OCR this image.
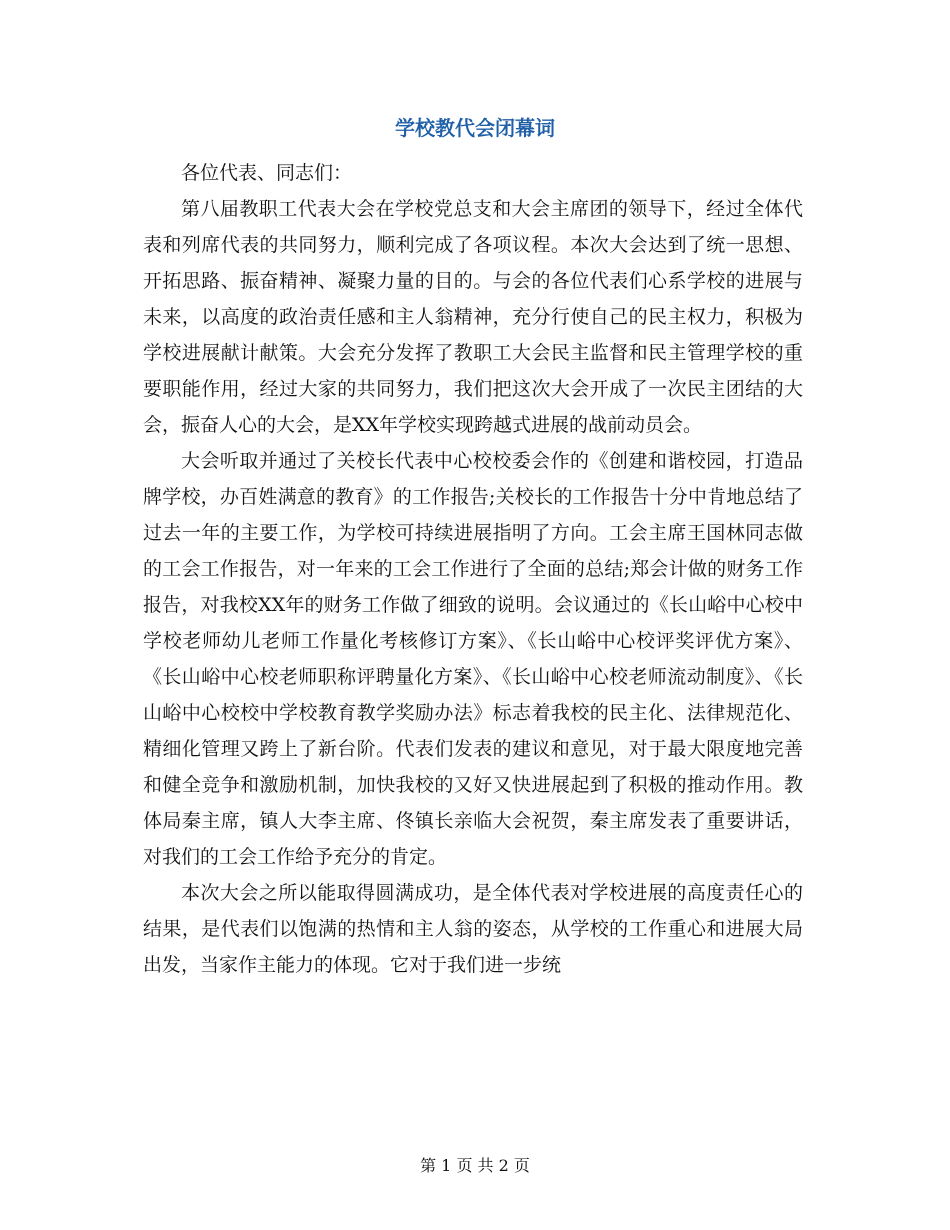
学校教代会闭幕词

各位代表、同志们：

第八届教职工代表大会在学校党总支和大会主席团的领导下，经过全体代表和列席代表的共同努力，顺利完成了各项议程。本次大会达到了统一思想、开拓思路、振奋精神、凝聚力量的目的。与会的各位代表们心系学校的进展与未来，以高度的政治责任感和主人翁精神，充分行使自己的民主权力，积极为学校进展献计献策。大会充分发挥了教职工大会民主监督和民主管理学校的重要职能作用，经过大家的共同努力，我们把这次大会开成了一次民主团结的大会，振奋人心的大会，是XX年学校实现跨越式进展的战前动员会。

大会听取并通过了关校长代表中心校校委会作的《创建和谐校园，打造品牌学校，办百姓满意的教育》的工作报告;关校长的工作报告十分中肯地总结了过去一年的主要工作，为学校可持续进展指明了方向。工会主席王国林同志做的工会工作报告，对一年来的工会工作进行了全面的总结;郑会计做的财务工作报告，对我校XX年的财务工作做了细致的说明。会议通过的《长山峪中心校中学校老师幼儿老师工作量化考核修订方案》、《长山峪中心校评奖评优方案》、《长山峪中心校老师职称评聘量化方案》、《长山峪中心校老师流动制度》、《长山峪中心校校中学校教育教学奖励办法》标志着我校的民主化、法律规范化、精细化管理又跨上了新台阶。代表们发表的建议和意见，对于最大限度地完善和健全竞争和激励机制，加快我校的又好又快进展起到了积极的推动作用。教体局秦主席，镇人大李主席、佟镇长亲临大会祝贺，秦主席发表了重要讲话，对我们的工会工作给予充分的肯定。

本次大会之所以能取得圆满成功，是全体代表对学校进展的高度责任心的结果，是代表们以饱满的热情和主人翁的姿态，从学校的工作重心和进展大局出发，当家作主能力的体现。它对于我们进一步统

第 1 页 共 2 页
